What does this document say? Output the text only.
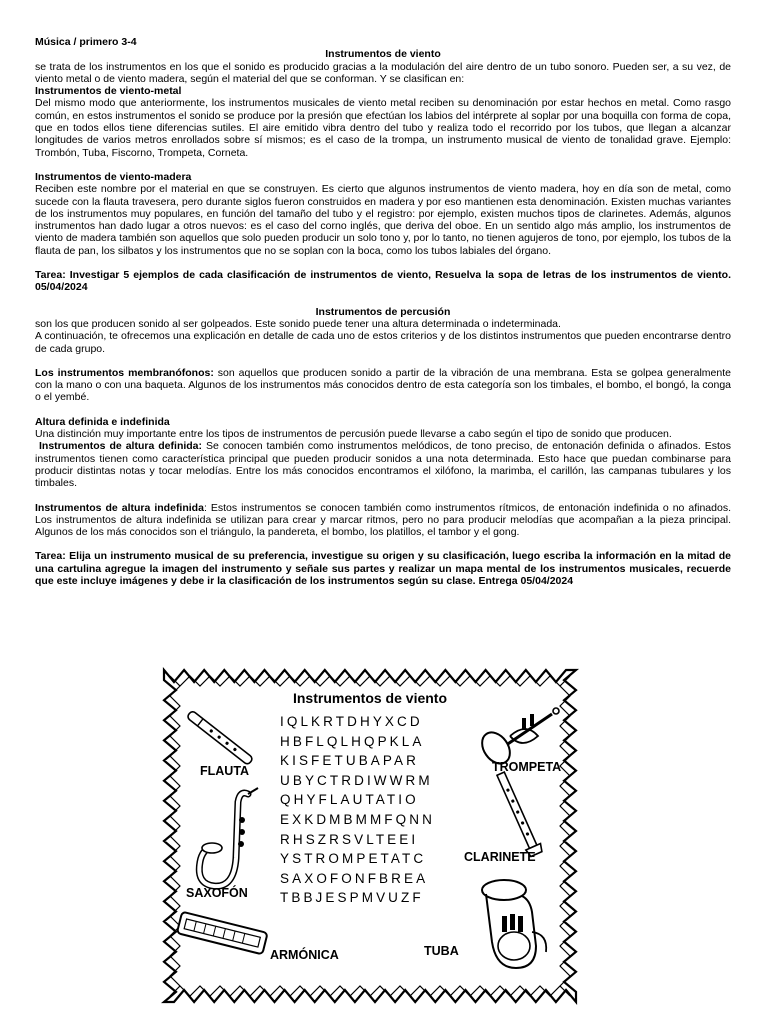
Música / primero 3-4

Instrumentos de viento

se trata de los instrumentos en los que el sonido es producido gracias a la modulación del aire dentro de un tubo sonoro. Pueden ser, a su vez, de viento metal o de viento madera, según el material del que se conforman. Y se clasifican en:

Instrumentos de viento-metal

Del mismo modo que anteriormente, los instrumentos musicales de viento metal reciben su denominación por estar hechos en metal. Como rasgo común, en estos instrumentos el sonido se produce por la presión que efectúan los labios del intérprete al soplar por una boquilla con forma de copa, que en todos ellos tiene diferencias sutiles. El aire emitido vibra dentro del tubo y realiza todo el recorrido por los tubos, que llegan a alcanzar longitudes de varios metros enrollados sobre sí mismos; es el caso de la trompa, un instrumento musical de viento de tonalidad grave. Ejemplo: Trombón, Tuba, Fiscorno, Trompeta, Corneta.

Instrumentos de viento-madera

Reciben este nombre por el material en que se construyen. Es cierto que algunos instrumentos de viento madera, hoy en día son de metal, como sucede con la flauta travesera, pero durante siglos fueron construidos en madera y por eso mantienen esta denominación. Existen muchas variantes de los instrumentos muy populares, en función del tamaño del tubo y el registro: por ejemplo, existen muchos tipos de clarinetes. Además, algunos instrumentos han dado lugar a otros nuevos: es el caso del corno inglés, que deriva del oboe. En un sentido algo más amplio, los instrumentos de viento de madera también son aquellos que solo pueden producir un solo tono y, por lo tanto, no tienen agujeros de tono, por ejemplo, los tubos de la flauta de pan, los silbatos y los instrumentos que no se soplan con la boca, como los tubos labiales del órgano.

Tarea: Investigar 5 ejemplos de cada clasificación de instrumentos de viento, Resuelva la sopa de letras de los instrumentos de viento. 05/04/2024

Instrumentos de percusión

son los que producen sonido al ser golpeados. Este sonido puede tener una altura determinada o indeterminada.

A continuación, te ofrecemos una explicación en detalle de cada uno de estos criterios y de los distintos instrumentos que pueden encontrarse dentro de cada grupo.

Los instrumentos membranófonos: son aquellos que producen sonido a partir de la vibración de una membrana. Esta se golpea generalmente con la mano o con una baqueta. Algunos de los instrumentos más conocidos dentro de esta categoría son los timbales, el bombo, el bongó, la conga o el yembé.

Altura definida e indefinida

Una distinción muy importante entre los tipos de instrumentos de percusión puede llevarse a cabo según el tipo de sonido que producen.

Instrumentos de altura definida: Se conocen también como instrumentos melódicos, de tono preciso, de entonación definida o afinados. Estos instrumentos tienen como característica principal que pueden producir sonidos a una nota determinada. Esto hace que puedan combinarse para producir distintas notas y tocar melodías. Entre los más conocidos encontramos el xilófono, la marimba, el carillón, las campanas tubulares y los timbales.

Instrumentos de altura indefinida: Estos instrumentos se conocen también como instrumentos rítmicos, de entonación indefinida o no afinados. Los instrumentos de altura indefinida se utilizan para crear y marcar ritmos, pero no para producir melodías que acompañan a la pieza principal. Algunos de los más conocidos son el triángulo, la pandereta, el bombo, los platillos, el tambor y el gong.

Tarea: Elija un instrumento musical de su preferencia, investigue su origen y su clasificación, luego escriba la información en la mitad de una cartulina agregue la imagen del instrumento y señale sus partes y realizar un mapa mental de los instrumentos musicales, recuerde que este incluye imágenes y debe ir la clasificación de los instrumentos según su clase. Entrega 05/04/2024

Instrumentos de viento
IQLKRTDHYXCD
HBFLQLHQPKLA
KISFETUBAPAR
UBYCTRDIWWRM
QHYFLAUTATIO
EXKDMBMMFQNN
RHSZRSVLTEEI
YSTROMPETATC
SAXOFONFBREA
TBBJESPMVUZF
FLAUTA	TROMPETA
CLARINETE
SAXOFÓN
ARMÓNICA	TUBA
